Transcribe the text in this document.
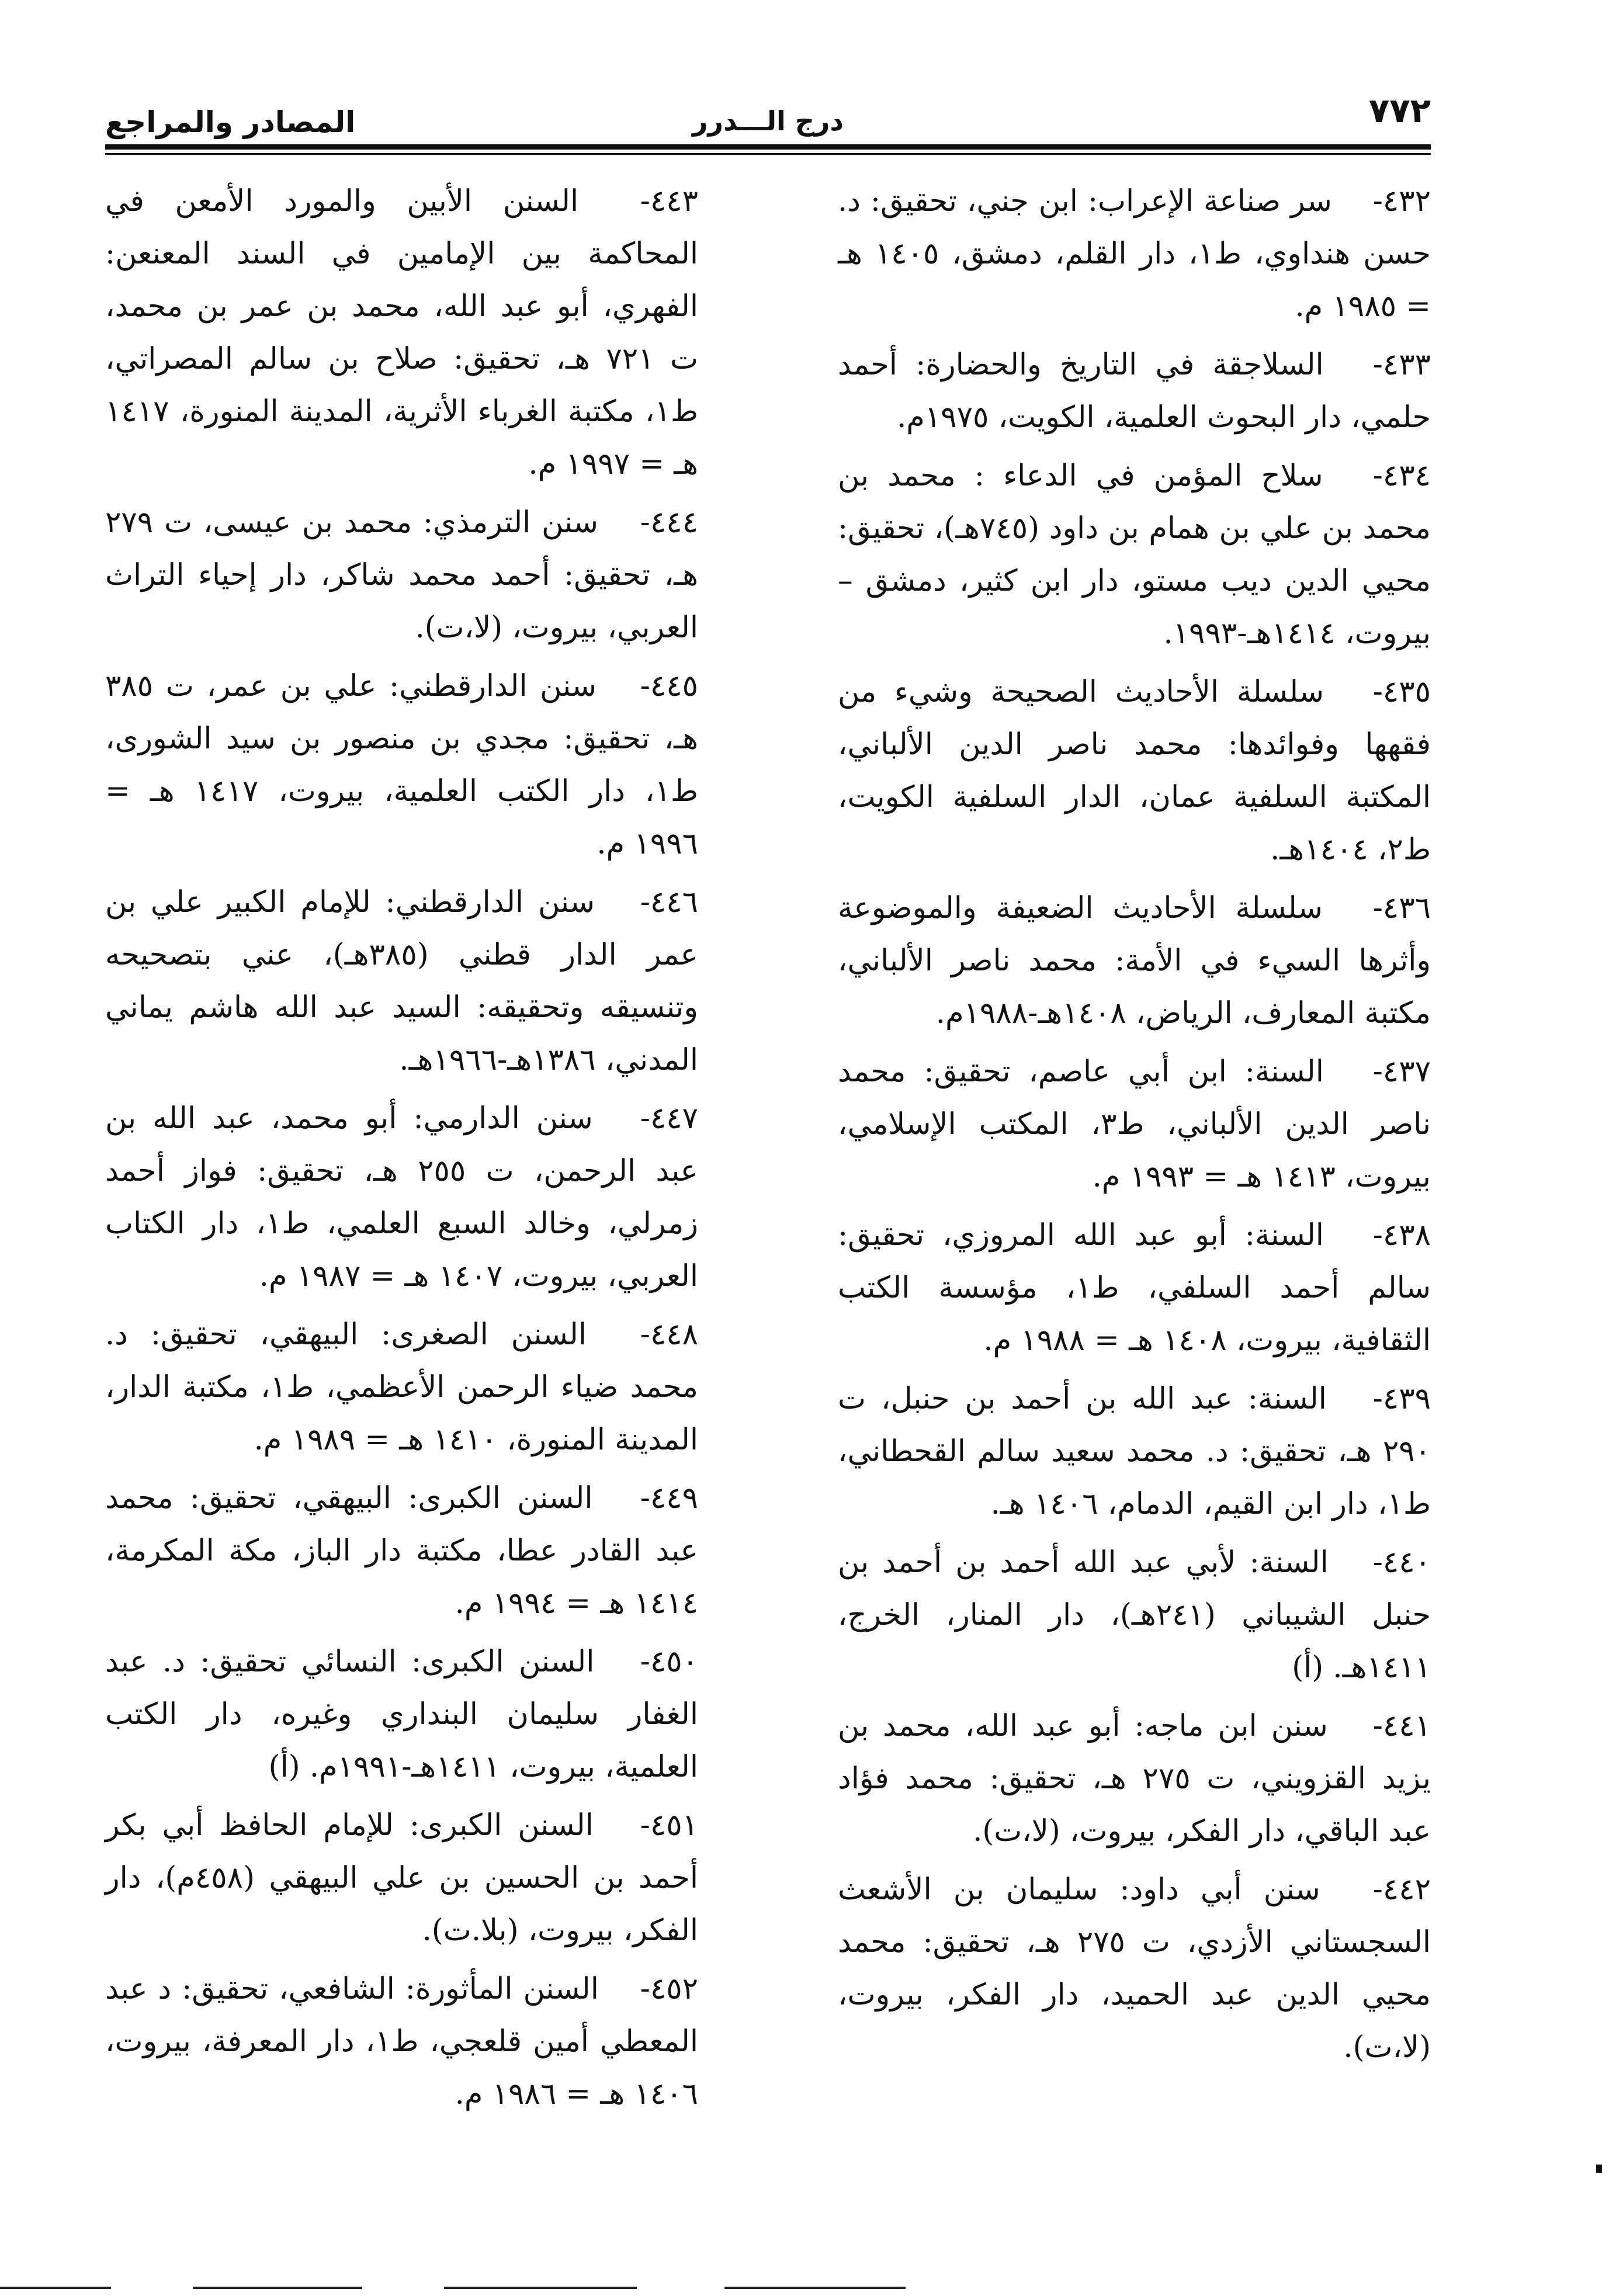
٧٧٢
درج الـــدرر
المصادر والمراجع

٤٣٢- سر صناعة الإعراب: ابن جني، تحقيق: د. حسن هنداوي، ط١، دار القلم، دمشق، ١٤٠٥ هـ = ١٩٨٥ م.

٤٣٣- السلاجقة في التاريخ والحضارة: أحمد حلمي، دار البحوث العلمية، الكويت، ١٩٧٥م.

٤٣٤- سلاح المؤمن في الدعاء : محمد بن محمد بن علي بن همام بن داود (٧٤٥هـ)، تحقيق: محيي الدين ديب مستو، دار ابن كثير، دمشق – بيروت، ١٤١٤هـ-١٩٩٣.

٤٣٥- سلسلة الأحاديث الصحيحة وشيء من فقهها وفوائدها: محمد ناصر الدين الألباني، المكتبة السلفية عمان، الدار السلفية الكويت، ط٢، ١٤٠٤هـ.

٤٣٦- سلسلة الأحاديث الضعيفة والموضوعة وأثرها السيء في الأمة: محمد ناصر الألباني، مكتبة المعارف، الرياض، ١٤٠٨هـ-١٩٨٨م.

٤٣٧- السنة: ابن أبي عاصم، تحقيق: محمد ناصر الدين الألباني، ط٣، المكتب الإسلامي، بيروت، ١٤١٣ هـ = ١٩٩٣ م.

٤٣٨- السنة: أبو عبد الله المروزي، تحقيق: سالم أحمد السلفي، ط١، مؤسسة الكتب الثقافية، بيروت، ١٤٠٨ هـ = ١٩٨٨ م.

٤٣٩- السنة: عبد الله بن أحمد بن حنبل، ت ٢٩٠ هـ، تحقيق: د. محمد سعيد سالم القحطاني، ط١، دار ابن القيم، الدمام، ١٤٠٦ هـ.

٤٤٠- السنة: لأبي عبد الله أحمد بن أحمد بن حنبل الشيباني (٢٤١هـ)، دار المنار، الخرج، ١٤١١هـ. (أ)

٤٤١- سنن ابن ماجه: أبو عبد الله، محمد بن يزيد القزويني، ت ٢٧٥ هـ، تحقيق: محمد فؤاد عبد الباقي، دار الفكر، بيروت، (لا،ت).

٤٤٢- سنن أبي داود: سليمان بن الأشعث السجستاني الأزدي، ت ٢٧٥ هـ، تحقيق: محمد محيي الدين عبد الحميد، دار الفكر، بيروت، (لا،ت).

٤٤٣- السنن الأبين والمورد الأمعن في المحاكمة بين الإمامين في السند المعنعن: الفهري، أبو عبد الله، محمد بن عمر بن محمد، ت ٧٢١ هـ، تحقيق: صلاح بن سالم المصراتي، ط١، مكتبة الغرباء الأثرية، المدينة المنورة، ١٤١٧ هـ = ١٩٩٧ م.

٤٤٤- سنن الترمذي: محمد بن عيسى، ت ٢٧٩ هـ، تحقيق: أحمد محمد شاكر، دار إحياء التراث العربي، بيروت، (لا،ت).

٤٤٥- سنن الدارقطني: علي بن عمر، ت ٣٨٥ هـ، تحقيق: مجدي بن منصور بن سيد الشورى، ط١، دار الكتب العلمية، بيروت، ١٤١٧ هـ = ١٩٩٦ م.

٤٤٦- سنن الدارقطني: للإمام الكبير علي بن عمر الدار قطني (٣٨٥هـ)، عني بتصحيحه وتنسيقه وتحقيقه: السيد عبد الله هاشم يماني المدني، ١٣٨٦هـ-١٩٦٦هـ.

٤٤٧- سنن الدارمي: أبو محمد، عبد الله بن عبد الرحمن، ت ٢٥٥ هـ، تحقيق: فواز أحمد زمرلي، وخالد السبع العلمي، ط١، دار الكتاب العربي، بيروت، ١٤٠٧ هـ = ١٩٨٧ م.

٤٤٨- السنن الصغرى: البيهقي، تحقيق: د. محمد ضياء الرحمن الأعظمي، ط١، مكتبة الدار، المدينة المنورة، ١٤١٠ هـ = ١٩٨٩ م.

٤٤٩- السنن الكبرى: البيهقي، تحقيق: محمد عبد القادر عطا، مكتبة دار الباز، مكة المكرمة، ١٤١٤ هـ = ١٩٩٤ م.

٤٥٠- السنن الكبرى: النسائي تحقيق: د. عبد الغفار سليمان البنداري وغيره، دار الكتب العلمية، بيروت، ١٤١١هـ-١٩٩١م. (أ)

٤٥١- السنن الكبرى: للإمام الحافظ أبي بكر أحمد بن الحسين بن علي البيهقي (٤٥٨م)، دار الفكر، بيروت، (بلا.ت).

٤٥٢- السنن المأثورة: الشافعي، تحقيق: د عبد المعطي أمين قلعجي، ط١، دار المعرفة، بيروت، ١٤٠٦ هـ = ١٩٨٦ م.
